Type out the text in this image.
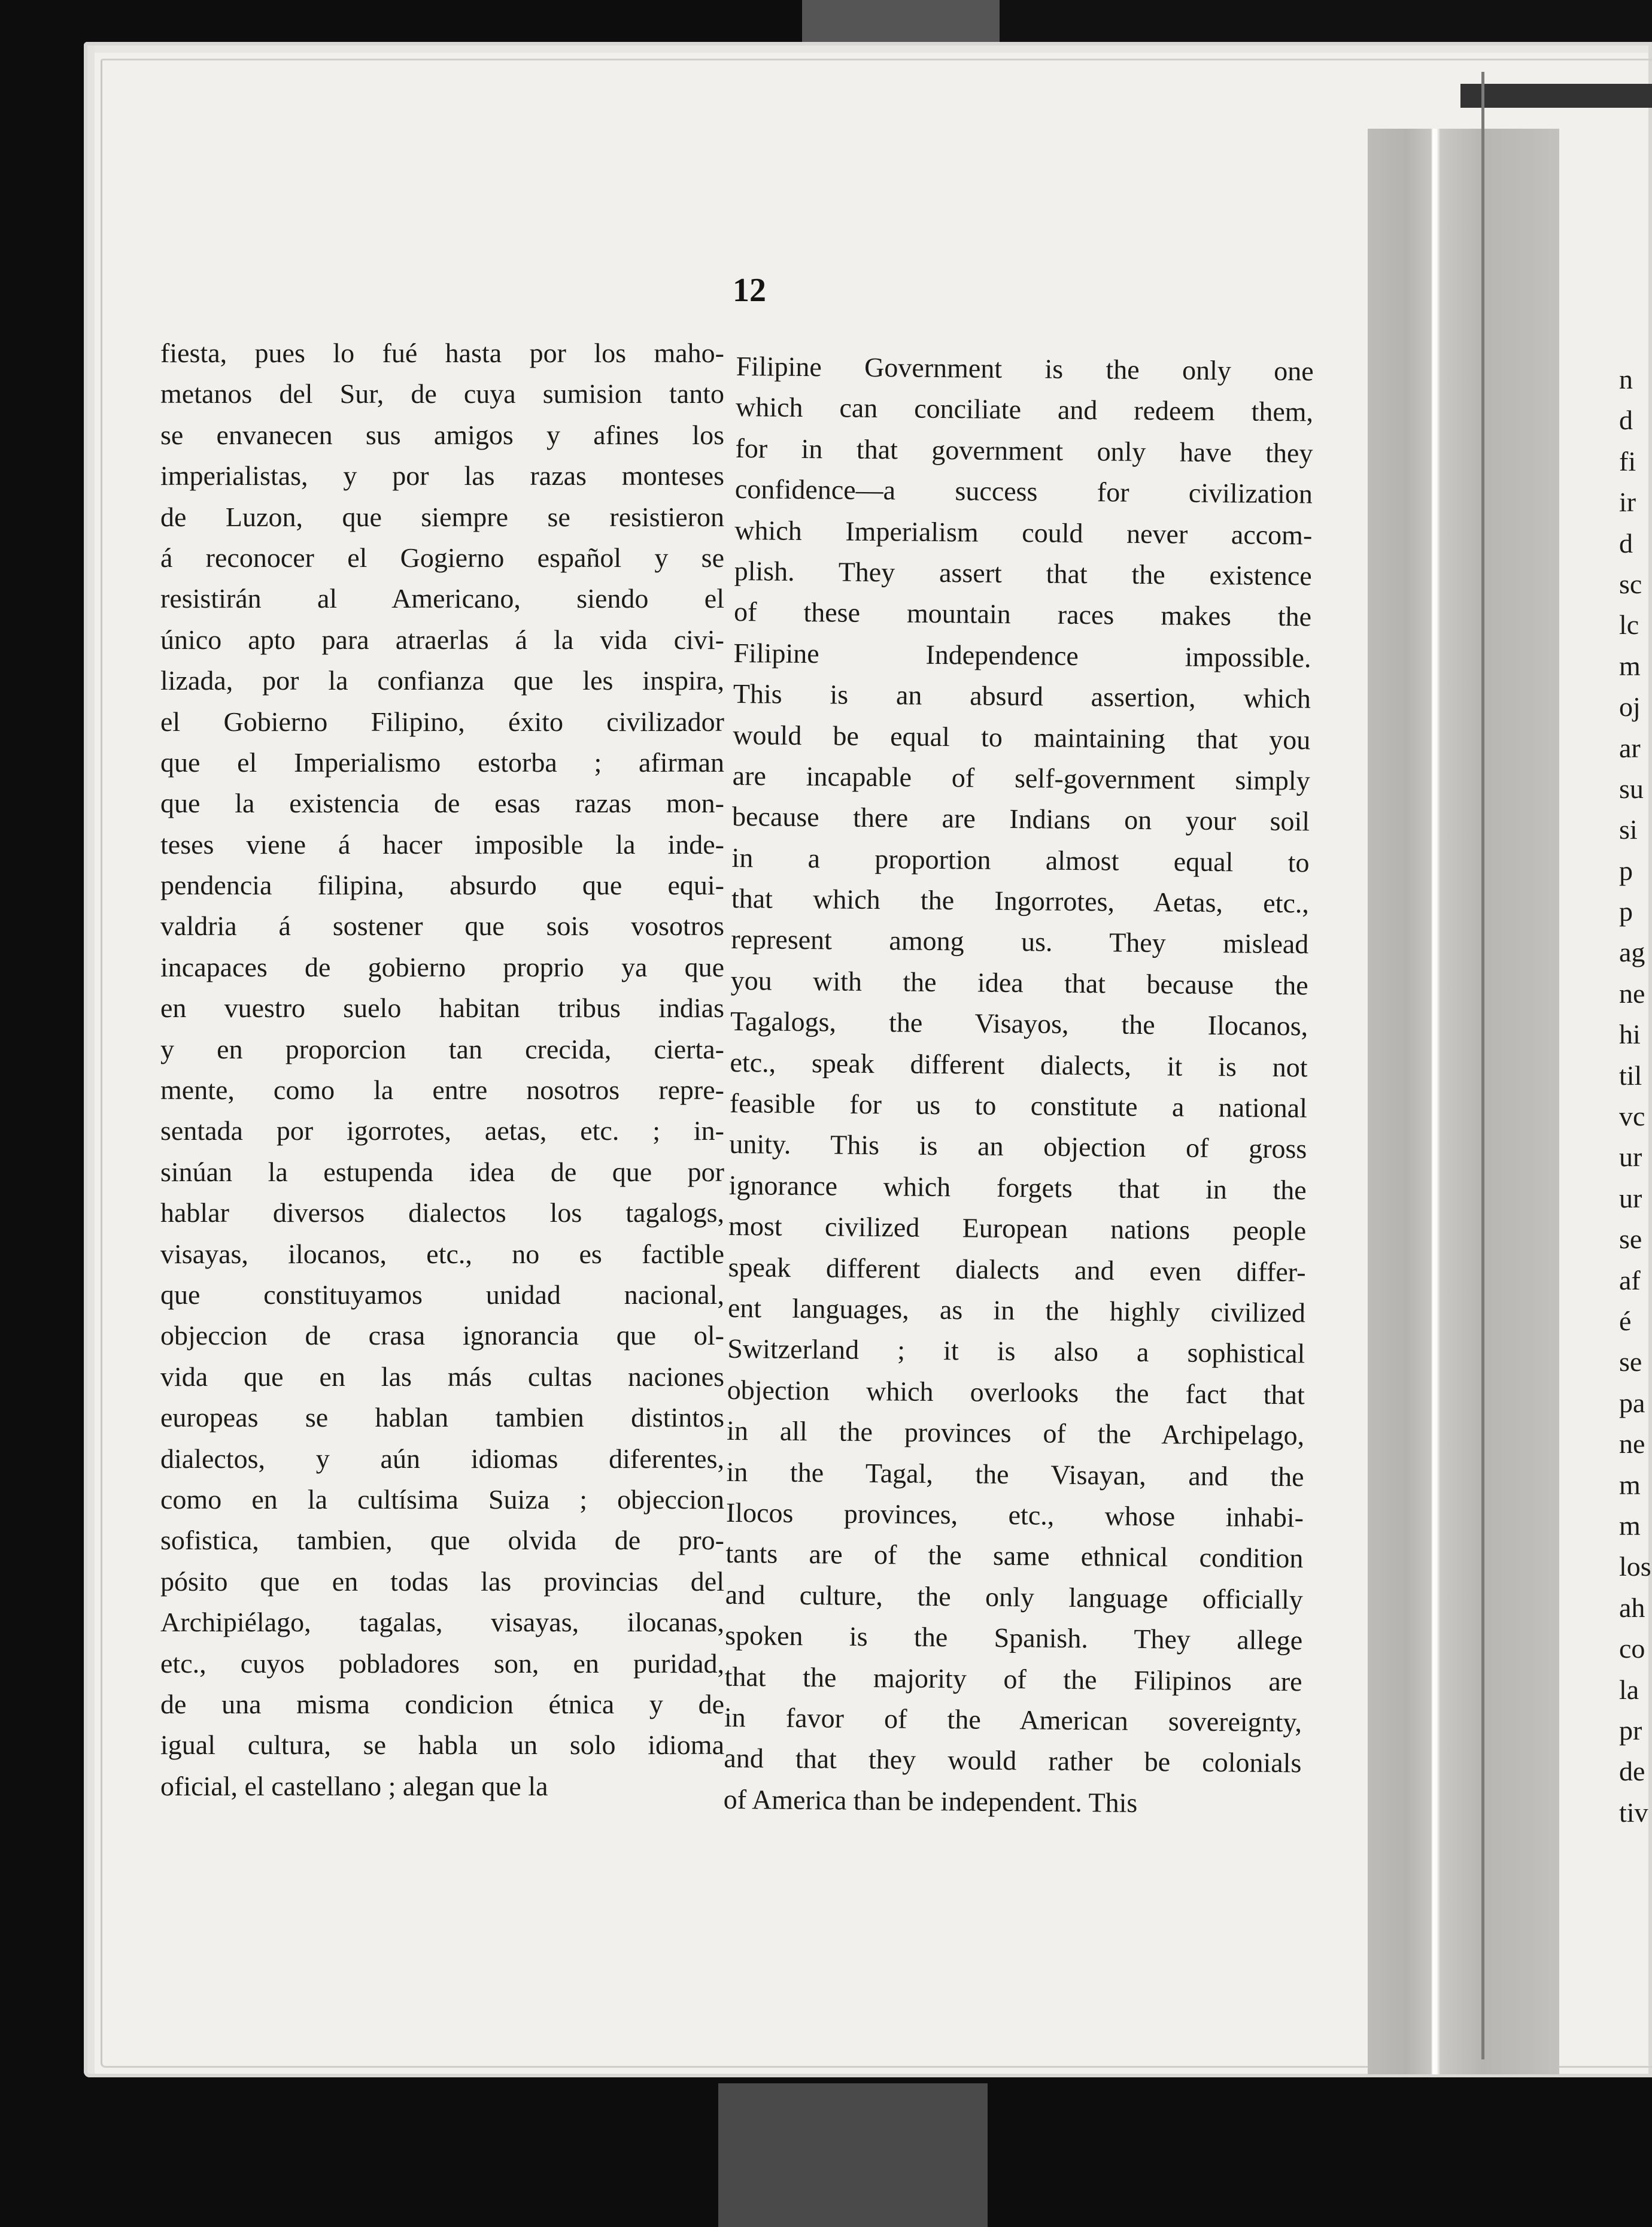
12
fiesta, pues lo fué hasta por los maho-
metanos del Sur, de cuya sumision tanto
se envanecen sus amigos y afines los
imperialistas, y por las razas monteses
de Luzon, que siempre se resistieron
á reconocer el Gogierno español y se
resistirán al Americano, siendo el
único apto para atraerlas á la vida civi-
lizada, por la confianza que les inspira,
el Gobierno Filipino, éxito civilizador
que el Imperialismo estorba ; afirman
que la existencia de esas razas mon-
teses viene á hacer imposible la inde-
pendencia filipina, absurdo que equi-
valdria á sostener que sois vosotros
incapaces de gobierno proprio ya que
en vuestro suelo habitan tribus indias
y en proporcion tan crecida, cierta-
mente, como la entre nosotros repre-
sentada por igorrotes, aetas, etc. ; in-
sinúan la estupenda idea de que por
hablar diversos dialectos los tagalogs,
visayas, ilocanos, etc., no es factible
que constituyamos unidad nacional,
objeccion de crasa ignorancia que ol-
vida que en las más cultas naciones
europeas se hablan tambien distintos
dialectos, y aún idiomas diferentes,
como en la cultísima Suiza ; objeccion
sofistica, tambien, que olvida de pro-
pósito que en todas las provincias del
Archipiélago, tagalas, visayas, ilocanas,
etc., cuyos pobladores son, en puridad,
de una misma condicion étnica y de
igual cultura, se habla un solo idioma
oficial, el castellano ; alegan que la
Filipine Government is the only one
which can conciliate and redeem them,
for in that government only have they
confidence—a success for civilization
which Imperialism could never accom-
plish. They assert that the existence
of these mountain races makes the
Filipine Independence impossible.
This is an absurd assertion, which
would be equal to maintaining that you
are incapable of self-government simply
because there are Indians on your soil
in a proportion almost equal to
that which the Ingorrotes, Aetas, etc.,
represent among us. They mislead
you with the idea that because the
Tagalogs, the Visayos, the Ilocanos,
etc., speak different dialects, it is not
feasible for us to constitute a national
unity. This is an objection of gross
ignorance which forgets that in the
most civilized European nations people
speak different dialects and even differ-
ent languages, as in the highly civilized
Switzerland ; it is also a sophistical
objection which overlooks the fact that
in all the provinces of the Archipelago,
in the Tagal, the Visayan, and the
Ilocos provinces, etc., whose inhabi-
tants are of the same ethnical condition
and culture, the only language officially
spoken is the Spanish. They allege
that the majority of the Filipinos are
in favor of the American sovereignty,
and that they would rather be colonials
of America than be independent. This
n
d
fi
ir
d
sc
lc
m
oj
ar
su
si
p
p
ag
ne
hi
til
vc
ur
ur
se
af
é
se
pa
ne
m
m
los
ah
co
la
pr
de
tiv
